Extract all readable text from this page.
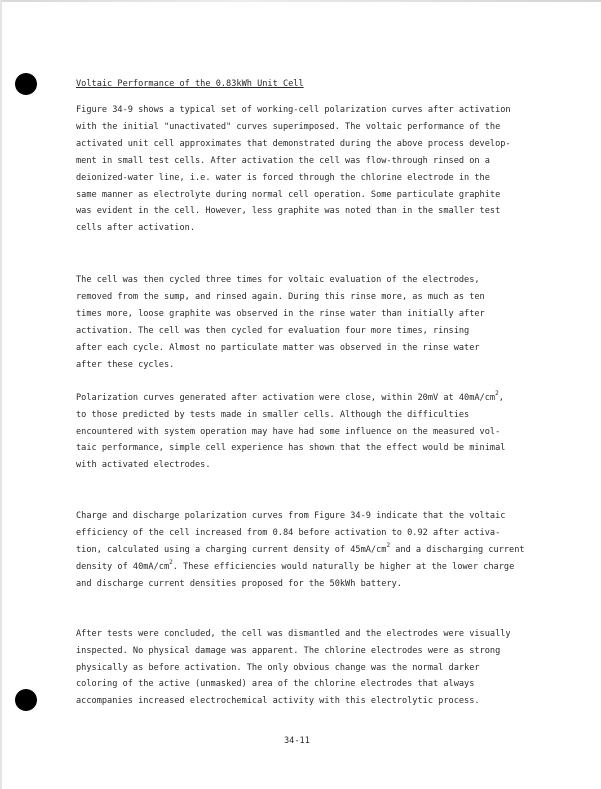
Voltaic Performance of the 0.83kWh Unit Cell
Figure 34-9 shows a typical set of working-cell polarization curves after activation
with the initial "unactivated" curves superimposed. The voltaic performance of the
activated unit cell approximates that demonstrated during the above process develop-
ment in small test cells. After activation the cell was flow-through rinsed on a
deionized-water line, i.e. water is forced through the chlorine electrode in the
same manner as electrolyte during normal cell operation. Some particulate graphite
was evident in the cell. However, less graphite was noted than in the smaller test
cells after activation.
The cell was then cycled three times for voltaic evaluation of the electrodes,
removed from the sump, and rinsed again. During this rinse more, as much as ten
times more, loose graphite was observed in the rinse water than initially after
activation. The cell was then cycled for evaluation four more times, rinsing
after each cycle. Almost no particulate matter was observed in the rinse water
after these cycles.
Polarization curves generated after activation were close, within 20mV at $40mA/cm^2$,
to those predicted by tests made in smaller cells. Although the difficulties
encountered with system operation may have had some influence on the measured vol-
taic performance, simple cell experience has shown that the effect would be minimal
with activated electrodes.
Charge and discharge polarization curves from Figure 34-9 indicate that the voltaic
efficiency of the cell increased from 0.84 before activation to 0.92 after activa-
tion, calculated using a charging current density of $45mA/cm^2$ and a discharging current
density of $40mA/cm^2$. These efficiencies would naturally be higher at the lower charge
and discharge current densities proposed for the 50kWh battery.
After tests were concluded, the cell was dismantled and the electrodes were visually
inspected. No physical damage was apparent. The chlorine electrodes were as strong
physically as before activation. The only obvious change was the normal darker
coloring of the active (unmasked) area of the chlorine electrodes that always
accompanies increased electrochemical activity with this electrolytic process.
34-11
